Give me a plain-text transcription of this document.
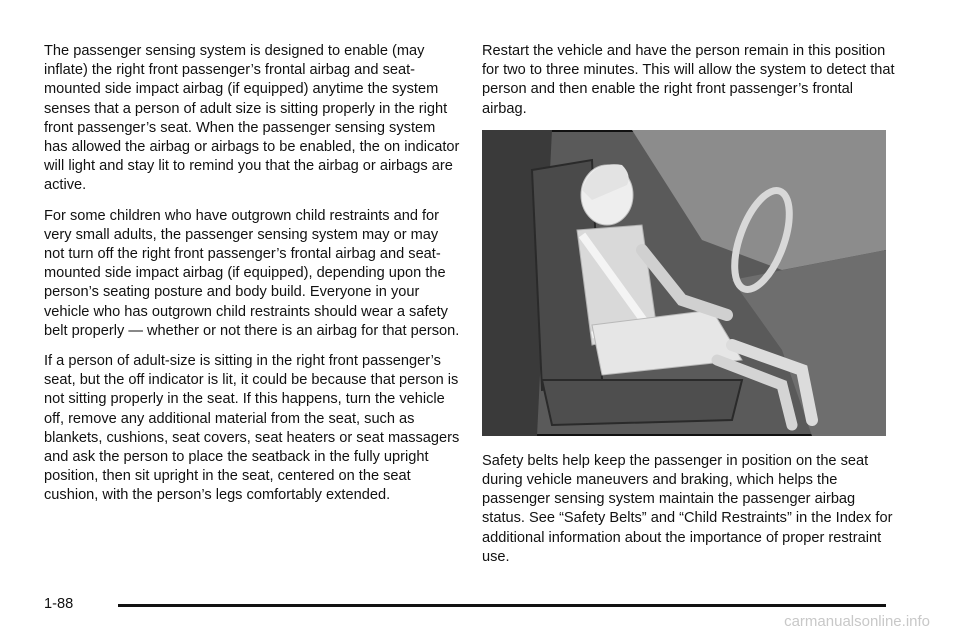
The passenger sensing system is designed to enable (may inflate) the right front passenger’s frontal airbag and seat-mounted side impact airbag (if equipped) anytime the system senses that a person of adult size is sitting properly in the right front passenger’s seat. When the passenger sensing system has allowed the airbag or airbags to be enabled, the on indicator will light and stay lit to remind you that the airbag or airbags are active.

For some children who have outgrown child restraints and for very small adults, the passenger sensing system may or may not turn off the right front passenger’s frontal airbag and seat-mounted side impact airbag (if equipped), depending upon the person’s seating posture and body build. Everyone in your vehicle who has outgrown child restraints should wear a safety belt properly — whether or not there is an airbag for that person.

If a person of adult-size is sitting in the right front passenger’s seat, but the off indicator is lit, it could be because that person is not sitting properly in the seat. If this happens, turn the vehicle off, remove any additional material from the seat, such as blankets, cushions, seat covers, seat heaters or seat massagers and ask the person to place the seatback in the fully upright position, then sit upright in the seat, centered on the seat cushion, with the person’s legs comfortably extended.

Restart the vehicle and have the person remain in this position for two to three minutes. This will allow the system to detect that person and then enable the right front passenger’s frontal airbag.

Safety belts help keep the passenger in position on the seat during vehicle maneuvers and braking, which helps the passenger sensing system maintain the passenger airbag status. See “Safety Belts” and “Child Restraints” in the Index for additional information about the importance of proper restraint use.

1-88
carmanualsonline.info
